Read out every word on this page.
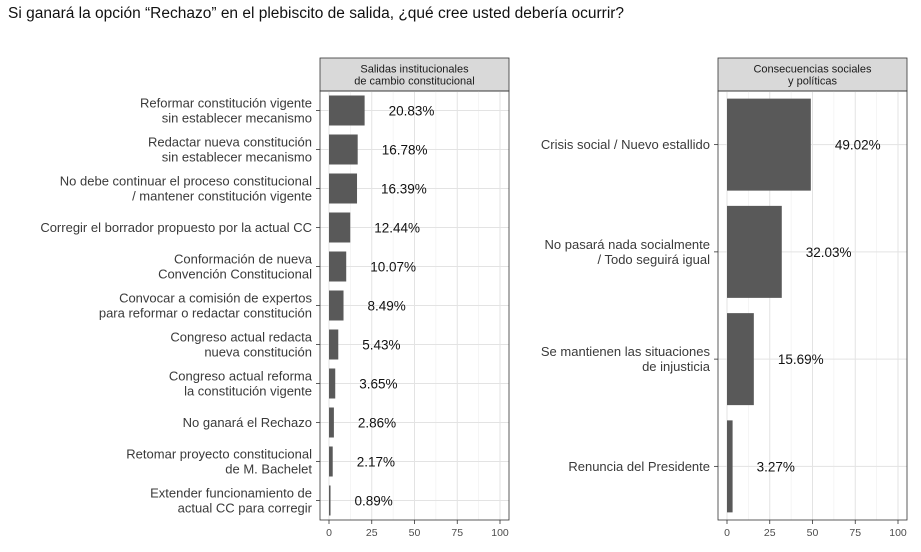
Si ganará la opción “Rechazo” en el plebiscito de salida, ¿qué cree usted debería ocurrir?
Salidas institucionales
de cambio constitucional
20.83%
Reformar constitución vigente
sin establecer mecanismo
16.78%
Redactar nueva constitución
sin establecer mecanismo
16.39%
No debe continuar el proceso constitucional
/ mantener constitución vigente
12.44%
Corregir el borrador propuesto por la actual CC
10.07%
Conformación de nueva
Convención Constitucional
8.49%
Convocar a comisión de expertos
para reformar o redactar constitución
5.43%
Congreso actual redacta
nueva constitución
3.65%
Congreso actual reforma
la constitución vigente
2.86%
No ganará el Rechazo
2.17%
Retomar proyecto constitucional
de M. Bachelet
0.89%
Extender funcionamiento de
actual CC para corregir
0	25	50	75	100
Consecuencias sociales
y políticas
49.02%
Crisis social / Nuevo estallido
32.03%
No pasará nada socialmente
/ Todo seguirá igual
15.69%
Se mantienen las situaciones
de injusticia
3.27%
Renuncia del Presidente
0	25	50	75	100
